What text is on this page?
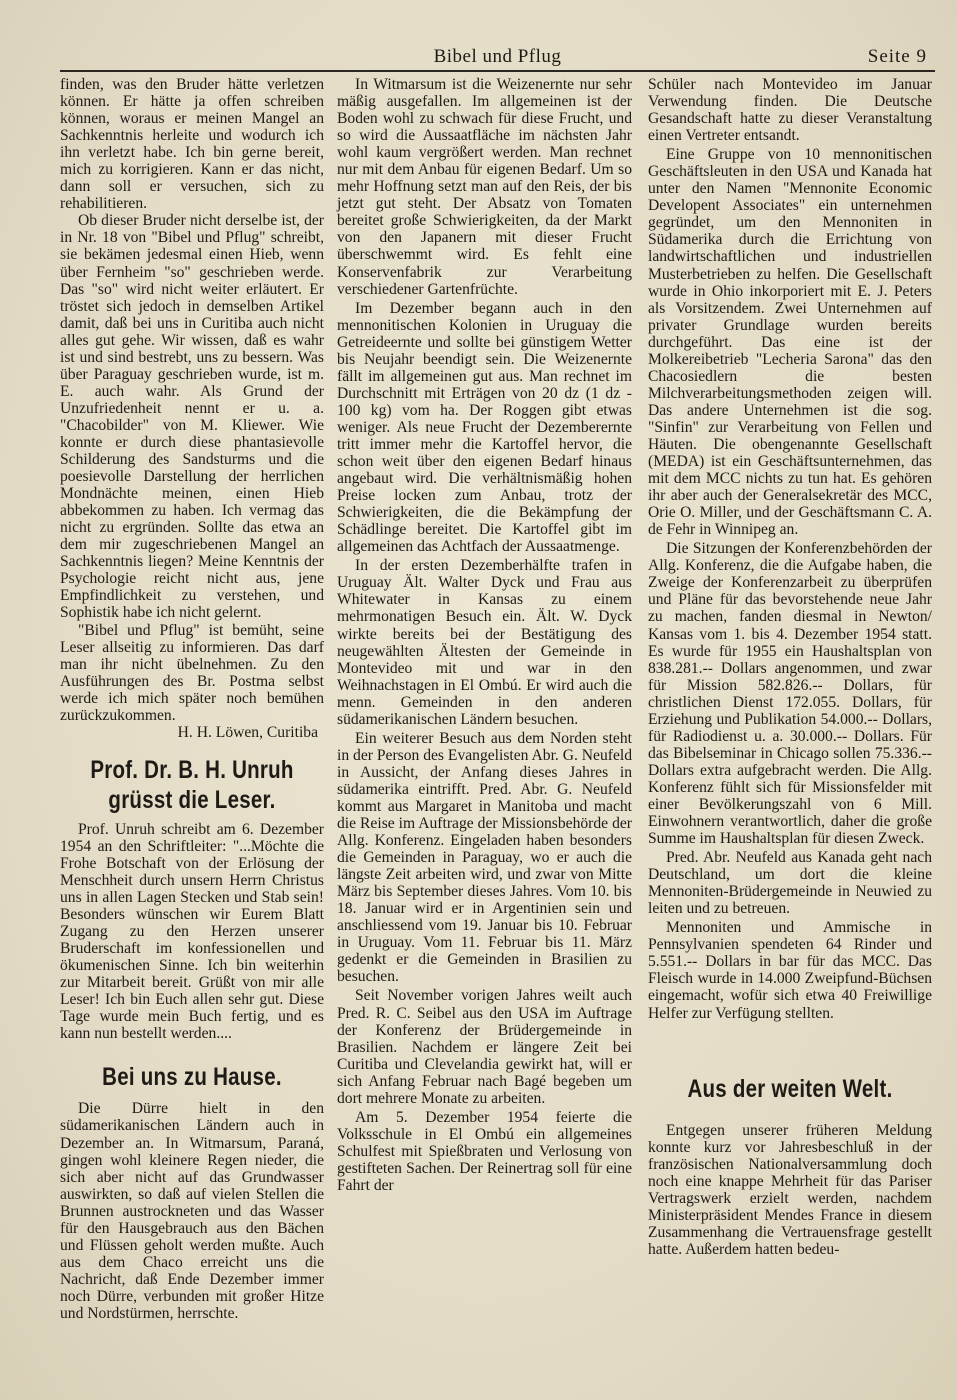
Bibel und Pflug	Seite 9

finden, was den Bruder hätte verletzen können. Er hätte ja offen schreiben können, woraus er meinen Mangel an Sachkenntnis herleite und wodurch ich ihn verletzt habe. Ich bin gerne bereit, mich zu korrigieren. Kann er das nicht, dann soll er versuchen, sich zu rehabilitieren.

Ob dieser Bruder nicht derselbe ist, der in Nr. 18 von "Bibel und Pflug" schreibt, sie bekämen jedesmal einen Hieb, wenn über Fernheim "so" geschrieben werde. Das "so" wird nicht weiter erläutert. Er tröstet sich jedoch in demselben Artikel damit, daß bei uns in Curitiba auch nicht alles gut gehe. Wir wissen, daß es wahr ist und sind bestrebt, uns zu bessern. Was über Paraguay geschrieben wurde, ist m. E. auch wahr. Als Grund der Unzufriedenheit nennt er u. a. "Chacobilder" von M. Kliewer. Wie konnte er durch diese phantasievolle Schilderung des Sandsturms und die poesievolle Darstellung der herrlichen Mondnächte meinen, einen Hieb abbekommen zu haben. Ich vermag das nicht zu ergründen. Sollte das etwa an dem mir zugeschriebenen Mangel an Sachkenntnis liegen? Meine Kenntnis der Psychologie reicht nicht aus, jene Empfindlichkeit zu verstehen, und Sophistik habe ich nicht gelernt.

"Bibel und Pflug" ist bemüht, seine Leser allseitig zu informieren. Das darf man ihr nicht übelnehmen. Zu den Ausführungen des Br. Postma selbst werde ich mich später noch bemühen zurückzukommen.

H. H. Löwen, Curitiba

Prof. Dr. B. H. Unruh grüsst die Leser.

Prof. Unruh schreibt am 6. Dezember 1954 an den Schriftleiter: "...Möchte die Frohe Botschaft von der Erlösung der Menschheit durch unsern Herrn Christus uns in allen Lagen Stecken und Stab sein! Besonders wünschen wir Eurem Blatt Zugang zu den Herzen unserer Bruderschaft im konfessionellen und ökumenischen Sinne. Ich bin weiterhin zur Mitarbeit bereit. Grüßt von mir alle Leser! Ich bin Euch allen sehr gut. Diese Tage wurde mein Buch fertig, und es kann nun bestellt werden....

Bei uns zu Hause.

Die Dürre hielt in den südamerikanischen Ländern auch in Dezember an. In Witmarsum, Paraná, gingen wohl kleinere Regen nieder, die sich aber nicht auf das Grundwasser auswirkten, so daß auf vielen Stellen die Brunnen austrockneten und das Wasser für den Hausgebrauch aus den Bächen und Flüssen geholt werden mußte. Auch aus dem Chaco erreicht uns die Nachricht, daß Ende Dezember immer noch Dürre, verbunden mit großer Hitze und Nordstürmen, herrschte.

In Witmarsum ist die Weizenernte nur sehr mäßig ausgefallen. Im allgemeinen ist der Boden wohl zu schwach für diese Frucht, und so wird die Aussaatfläche im nächsten Jahr wohl kaum vergrößert werden. Man rechnet nur mit dem Anbau für eigenen Bedarf. Um so mehr Hoffnung setzt man auf den Reis, der bis jetzt gut steht. Der Absatz von Tomaten bereitet große Schwierigkeiten, da der Markt von den Japanern mit dieser Frucht überschwemmt wird. Es fehlt eine Konservenfabrik zur Verarbeitung verschiedener Gartenfrüchte.

Im Dezember begann auch in den mennonitischen Kolonien in Uruguay die Getreideernte und sollte bei günstigem Wetter bis Neujahr beendigt sein. Die Weizenernte fällt im allgemeinen gut aus. Man rechnet im Durchschnitt mit Erträgen von 20 dz (1 dz - 100 kg) vom ha. Der Roggen gibt etwas weniger. Als neue Frucht der Dezemberernte tritt immer mehr die Kartoffel hervor, die schon weit über den eigenen Bedarf hinaus angebaut wird. Die verhältnismäßig hohen Preise locken zum Anbau, trotz der Schwierigkeiten, die die Bekämpfung der Schädlinge bereitet. Die Kartoffel gibt im allgemeinen das Achtfach der Aussaatmenge.

In der ersten Dezemberhälfte trafen in Uruguay Ält. Walter Dyck und Frau aus Whitewater in Kansas zu einem mehrmonatigen Besuch ein. Ält. W. Dyck wirkte bereits bei der Bestätigung des neugewählten Ältesten der Gemeinde in Montevideo mit und war in den Weihnachstagen in El Ombú. Er wird auch die menn. Gemeinden in den anderen südamerikanischen Ländern besuchen.

Ein weiterer Besuch aus dem Norden steht in der Person des Evangelisten Abr. G. Neufeld in Aussicht, der Anfang dieses Jahres in südamerika eintrifft. Pred. Abr. G. Neufeld kommt aus Margaret in Manitoba und macht die Reise im Auftrage der Missionsbehörde der Allg. Konferenz. Eingeladen haben besonders die Gemeinden in Paraguay, wo er auch die längste Zeit arbeiten wird, und zwar von Mitte März bis September dieses Jahres. Vom 10. bis 18. Januar wird er in Argentinien sein und anschliessend vom 19. Januar bis 10. Februar in Uruguay. Vom 11. Februar bis 11. März gedenkt er die Gemeinden in Brasilien zu besuchen.

Seit November vorigen Jahres weilt auch Pred. R. C. Seibel aus den USA im Auftrage der Konferenz der Brüdergemeinde in Brasilien. Nachdem er längere Zeit bei Curitiba und Clevelandia gewirkt hat, will er sich Anfang Februar nach Bagé begeben um dort mehrere Monate zu arbeiten.

Am 5. Dezember 1954 feierte die Volksschule in El Ombú ein allgemeines Schulfest mit Spießbraten und Verlosung von gestifteten Sachen. Der Reinertrag soll für eine Fahrt der

Schüler nach Montevideo im Januar Verwendung finden. Die Deutsche Gesandschaft hatte zu dieser Veranstaltung einen Vertreter entsandt.

Eine Gruppe von 10 mennonitischen Geschäftsleuten in den USA und Kanada hat unter den Namen "Mennonite Economic Developent Associates" ein unternehmen gegründet, um den Mennoniten in Südamerika durch die Errichtung von landwirtschaftlichen und industriellen Musterbetrieben zu helfen. Die Gesellschaft wurde in Ohio inkorporiert mit E. J. Peters als Vorsitzendem. Zwei Unternehmen auf privater Grundlage wurden bereits durchgeführt. Das eine ist der Molkereibetrieb "Lecheria Sarona" das den Chacosiedlern die besten Milchverarbeitungsmethoden zeigen will. Das andere Unternehmen ist die sog. "Sinfin" zur Verarbeitung von Fellen und Häuten. Die obengenannte Gesellschaft (MEDA) ist ein Geschäftsunternehmen, das mit dem MCC nichts zu tun hat. Es gehören ihr aber auch der Generalsekretär des MCC, Orie O. Miller, und der Geschäftsmann C. A. de Fehr in Winnipeg an.

Die Sitzungen der Konferenzbehörden der Allg. Konferenz, die die Aufgabe haben, die Zweige der Konferenzarbeit zu überprüfen und Pläne für das bevorstehende neue Jahr zu machen, fanden diesmal in Newton/ Kansas vom 1. bis 4. Dezember 1954 statt. Es wurde für 1955 ein Haushaltsplan von 838.281.-- Dollars angenommen, und zwar für Mission 582.826.-- Dollars, für christlichen Dienst 172.055. Dollars, für Erziehung und Publikation 54.000.-- Dollars, für Radiodienst u. a. 30.000.-- Dollars. Für das Bibelseminar in Chicago sollen 75.336.-- Dollars extra aufgebracht werden. Die Allg. Konferenz fühlt sich für Missionsfelder mit einer Bevölkerungszahl von 6 Mill. Einwohnern verantwortlich, daher die große Summe im Haushaltsplan für diesen Zweck.

Pred. Abr. Neufeld aus Kanada geht nach Deutschland, um dort die kleine Mennoniten-Brüdergemeinde in Neuwied zu leiten und zu betreuen.

Mennoniten und Ammische in Pennsylvanien spendeten 64 Rinder und 5.551.-- Dollars in bar für das MCC. Das Fleisch wurde in 14.000 Zweipfund-Büchsen eingemacht, wofür sich etwa 40 Freiwillige Helfer zur Verfügung stellten.

Aus der weiten Welt.

Entgegen unserer früheren Meldung konnte kurz vor Jahresbeschluß in der französischen Nationalversammlung doch noch eine knappe Mehrheit für das Pariser Vertragswerk erzielt werden, nachdem Ministerpräsident Mendes France in diesem Zusammenhang die Vertrauensfrage gestellt hatte. Außerdem hatten bedeu-
